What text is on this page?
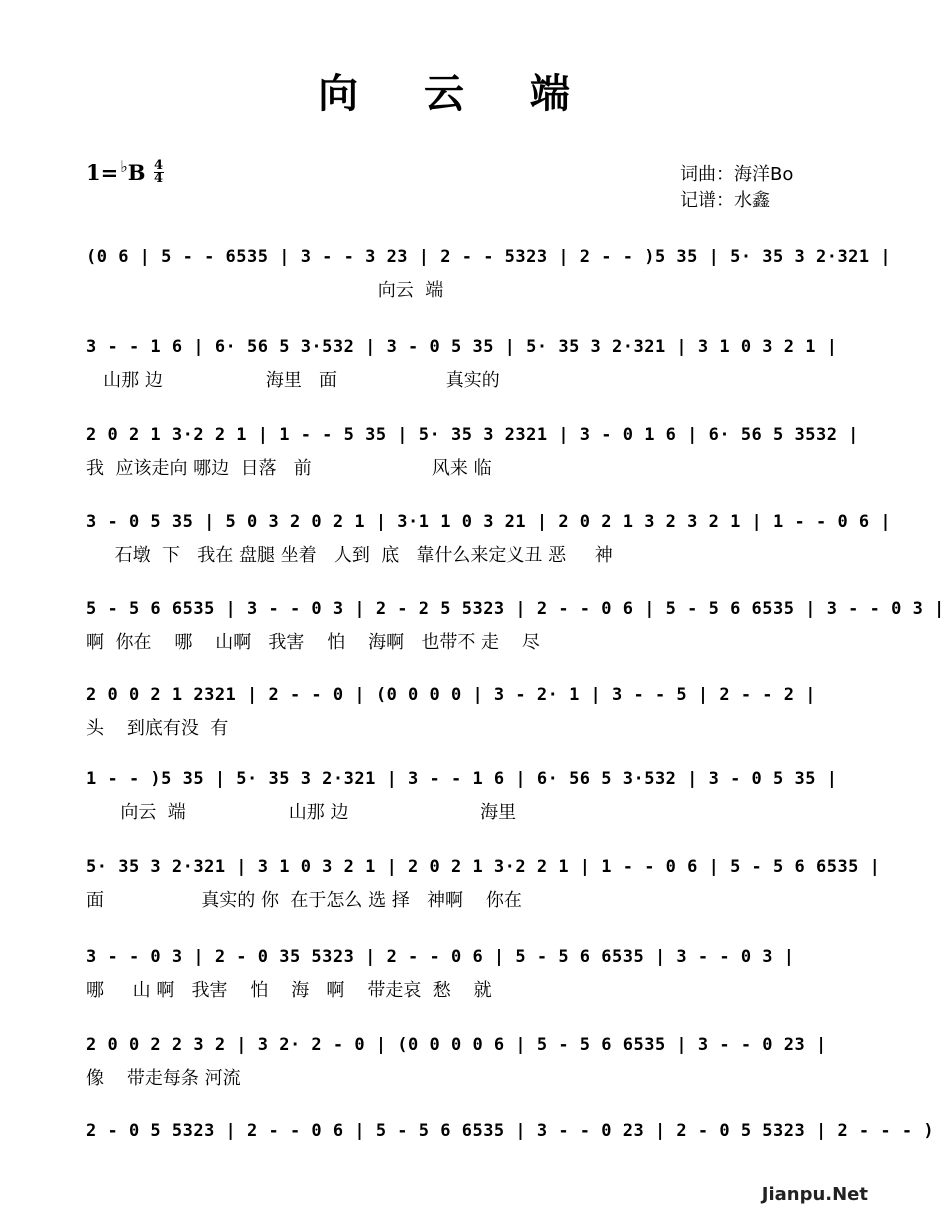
向 云 端
1= ♭ B 4
4	词曲：海洋Bo
记谱：水鑫
(0 6 | 5 - - 6535 | 3 - - 3 23 | 2 - - 5323 | 2 - - )5 35 | 5· 35 3 2·321 |
向云  端
3 - - 1 6 | 6· 56 5 3·532 | 3 - 0 5 35 | 5· 35 3 2·321 | 3 1 0 3 2 1 |
山那 边                  海里   面                   真实的
2 0 2 1 3·2 2 1 | 1 - - 5 35 | 5· 35 3 2321 | 3 - 0 1 6 | 6· 56 5 3532 |
我  应该走向 哪边  日落   前                     风来 临
3 - 0 5 35 | 5 0 3 2 0 2 1 | 3·1 1 0 3 21 | 2 0 2 1 3 2 3 2 1 | 1 - - 0 6 |
石墩  下   我在 盘腿 坐着   人到  底   靠什么来定义丑 恶     神
5 - 5 6 6535 | 3 - - 0 3 | 2 - 2 5 5323 | 2 - - 0 6 | 5 - 5 6 6535 | 3 - - 0 3 |
啊  你在    哪    山啊   我害    怕    海啊   也带不 走    尽
2 0 0 2 1 2321 | 2 - - 0 | (0 0 0 0 | 3 - 2· 1 | 3 - - 5 | 2 - - 2 |
头    到底有没  有
1 - - )5 35 | 5· 35 3 2·321 | 3 - - 1 6 | 6· 56 5 3·532 | 3 - 0 5 35 |
向云  端                  山那 边                       海里
5· 35 3 2·321 | 3 1 0 3 2 1 | 2 0 2 1 3·2 2 1 | 1 - - 0 6 | 5 - 5 6 6535 |
面                 真实的 你  在于怎么 选 择   神啊    你在
3 - - 0 3 | 2 - 0 35 5323 | 2 - - 0 6 | 5 - 5 6 6535 | 3 - - 0 3 |
哪     山 啊   我害    怕    海   啊    带走哀  愁    就
2 0 0 2 2 3 2 | 3 2· 2 - 0 | (0 0 0 0 6 | 5 - 5 6 6535 | 3 - - 0 23 |
像    带走每条 河流
2 - 0 5 5323 | 2 - - 0 6 | 5 - 5 6 6535 | 3 - - 0 23 | 2 - 0 5 5323 | 2 - - - )
Jianpu.Net
